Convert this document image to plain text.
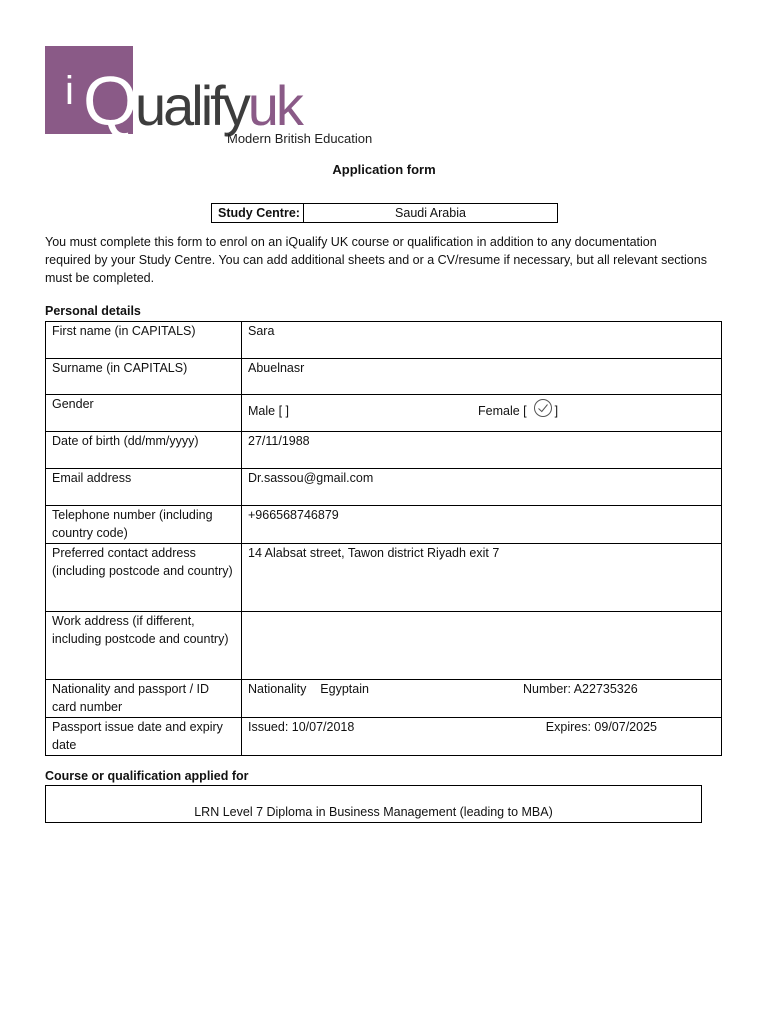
i Q ualifyuk
Modern British Education
Application form
Study Centre:	Saudi Arabia

You must complete this form to enrol on an iQualify UK course or qualification in addition to any documentation

required by your Study Centre. You can add additional sheets and or a CV/resume if necessary, but all relevant sections

must be completed.

Personal details
First name (in CAPITALS)	Sara
Surname (in CAPITALS)	Abuelnasr
Gender	Male [ ] Female [ ]

Date of birth (dd/mm/yyyy)	27/11/1988
Email address	Dr.sassou@gmail.com
Telephone number (including country code)	+966568746879
Preferred contact address (including postcode and country)	14 Alabsat street, Tawon district Riyadh exit 7
Work address (if different, including postcode and country)	
Nationality and passport / ID card number	Nationality Egyptain Number: A22735326

Passport issue date and expiry date	Issued: 10/07/2018 Expires: 09/07/2025
Course or qualification applied for
LRN Level 7 Diploma in Business Management (leading to MBA)
